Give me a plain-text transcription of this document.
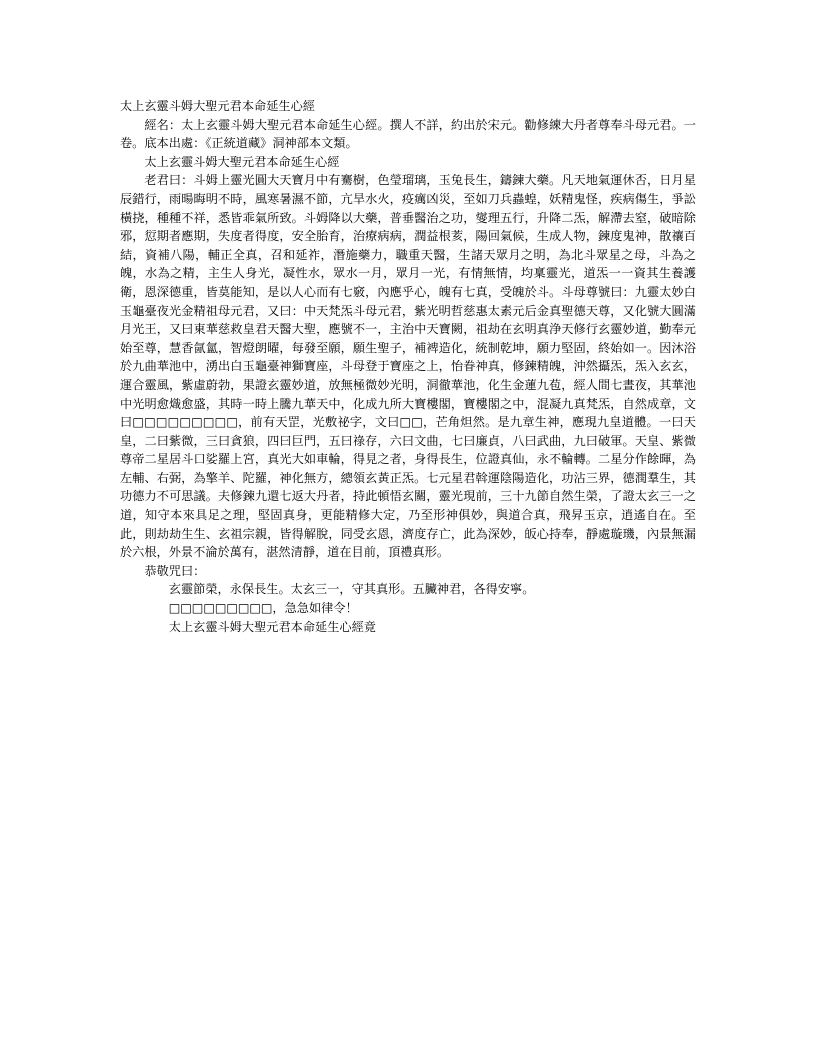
太上玄靈斗姆大聖元君本命延生心經

經名：太上玄靈斗姆大聖元君本命延生心經。撰人不詳，約出於宋元。勸修練大丹者尊奉斗母元君。一卷。底本出處：《正統道藏》洞神部本文類。

太上玄靈斗姆大聖元君本命延生心經

老君曰：斗姆上靈光圓大天寶月中有騫樹，色瑩瑠璃，玉兔長生，鑄鍊大藥。凡天地氣運休否，日月星辰錯行，雨暘晦明不時，風寒暑濕不節，亢旱水火，疫癘凶災，至如刀兵蟲蝗，妖精鬼怪，疾病傷生，爭訟橫挠，種種不祥，悉皆乖氣所致。斗姆降以大藥，普垂醫治之功，燮理五行，升降二炁，解滯去窒，破暗除邪，愆期者應期，失度者得度，安全胎育，治療病病，潤益根荄，陽回氣候，生成人物，鍊度鬼神，散禳百結，資補八陽，輔正全真，召和延祚，潛施藥力，職重天醫，生諸天眾月之明，為北斗眾星之母，斗為之魄，水為之精，主生人身光，凝性水，眾水一月，眾月一光，有情無情，均稟靈光，道炁一一資其生養護衛，恩深德重，皆莫能知，是以人心而有七竅，內應乎心，魄有七真，受魄於斗。斗母尊號曰：九靈太妙白玉龜臺夜光金精祖母元君，又曰：中天梵炁斗母元君，紫光明哲慈惠太素元后金真聖德天尊，又化號大圓滿月光王，又曰東華慈救皇君天醫大聖，應號不一，主治中天寶闕，祖劫在玄明真浄天修行玄靈妙道，勤奉元始至尊，慧香氤氳，智燈朗曜，每發至願，願生聖子，補裨造化，統制乾坤，願力堅固，終始如一。因沐浴於九曲華池中，湧出白玉龜臺神獅寶座，斗母登于寶座之上，怡眷神真，修鍊精魄，沖然攝炁，炁入玄玄，運合靈風，紫虛蔚勃，果證玄靈妙道，放無極微妙光明，洞徹華池，化生金蓮九苞，經人間七晝夜，其華池中光明愈熾愈盛，其時一時上騰九華天中，化成九所大寶樓閣，寶樓閣之中，混凝九真梵炁，自然成章，文曰□□□□□□□□□，前有天罡，光敷祕字，文曰□□，芒角炟然。是九章生神，應現九皇道體。一曰天皇，二曰紫微，三曰貪狼，四曰巨門，五曰祿存，六曰文曲，七曰廉貞，八曰武曲，九曰破軍。天皇、紫微尊帝二星居斗口娑羅上宮，真光大如車輪，得見之者，身得長生，位證真仙，永不輪轉。二星分作餘暉，為左輔、右弼，為擎羊、陀羅，神化無方，總領玄黃正炁。七元星君斡運陰陽造化，功沾三界，德潤羣生，其功德力不可思議。夫修鍊九還七返大丹者，持此頓悟玄關，靈光現前，三十九節自然生榮，了證太玄三一之道，知守本來具足之理，堅固真身，更能精修大定，乃至形神俱妙，與道合真，飛昇玉京，逍遙自在。至此，則劫劫生生、玄祖宗親，皆得解脫，同受玄恩，濟度存亡，此為深妙，皈心持奉，靜處璇璣，內景無漏於六根，外景不淪於萬有，湛然清靜，道在目前，頂禮真形。

恭敬咒曰：

玄靈節榮，永保長生。太玄三一，守其真形。五臟神君，各得安寧。

□□□□□□□□□，急急如律令！

太上玄靈斗姆大聖元君本命延生心經竟
